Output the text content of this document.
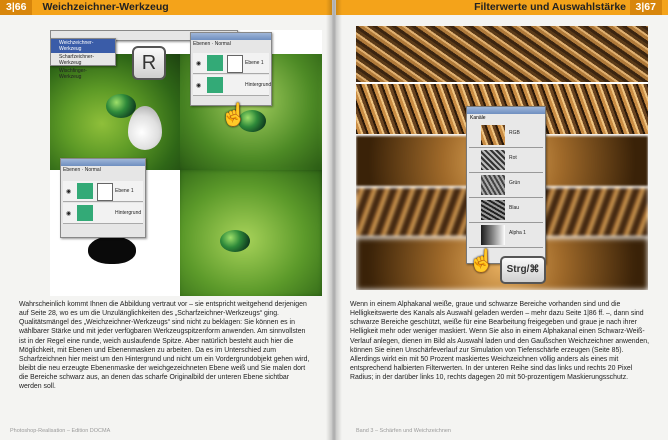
3|66 Weichzeichner-Werkzeug
Weichzeichner-Werkzeug
Scharfzeichner-Werkzeug
Wischfinger-Werkzeug
R
Ebenen · Normal
◉	Ebene 1
◉	Hintergrund
☝
Ebenen · Normal
◉	Ebene 1
◉	Hintergrund

Wahrscheinlich kommt Ihnen die Abbildung vertraut vor – sie entspricht weitgehend derjenigen auf Seite 28, wo es um die Unzulänglichkeiten des „Scharfzeichner-Werkzeugs“ ging. Qualitätsmängel des „Weichzeichner-Werkzeugs“ sind nicht zu beklagen: Sie können es in wählbarer Stärke und mit jeder verfügbaren Werkzeugspitzenform anwenden. Am sinnvollsten ist in der Regel eine runde, weich auslaufende Spitze. Aber natürlich besteht auch hier die Möglichkeit, mit Ebenen und Ebenenmasken zu arbeiten. Da es im Unterschied zum Scharfzeichnen hier meist um den Hintergrund und nicht um ein Vordergrundobjekt gehen wird, bleibt die neu erzeugte Ebenenmaske der weichgezeichneten Ebene weiß und Sie malen dort die Bereiche schwarz aus, an denen das scharfe Originalbild der unteren Ebene sichtbar werden soll.

Photoshop-Realisation – Edition DOCMA
Filterwerte und Auswahlstärke 3|67
Kanäle
RGB
Rot
Grün
Blau
Alpha 1
☝	Strg/⌘

Wenn in einem Alphakanal weiße, graue und schwarze Bereiche vorhanden sind und die Helligkeitswerte des Kanals als Auswahl geladen werden – mehr dazu Seite 1|86 ff. –, dann sind schwarze Bereiche geschützt, weiße für eine Bearbeitung freigegeben und graue je nach ihrer Helligkeit mehr oder weniger maskiert. Wenn Sie also in einem Alphakanal einen Schwarz-Weiß-Verlauf anlegen, dienen im Bild als Auswahl laden und den Gaußschen Weichzeichner anwenden, können Sie einen Unschärfeverlauf zur Simulation von Tiefenschärfe erzeugen (Seite 85). Allerdings wirkt ein mit 50 Prozent maskiertes Weichzeichnen völlig anders als eines mit entsprechend halbierten Filterwerten. In der unteren Reihe sind das links und rechts 20 Pixel Radius; in der darüber links 10, rechts dagegen 20 mit 50-prozentigem Maskierungsschutz.

Band 3 – Schärfen und Weichzeichnen
